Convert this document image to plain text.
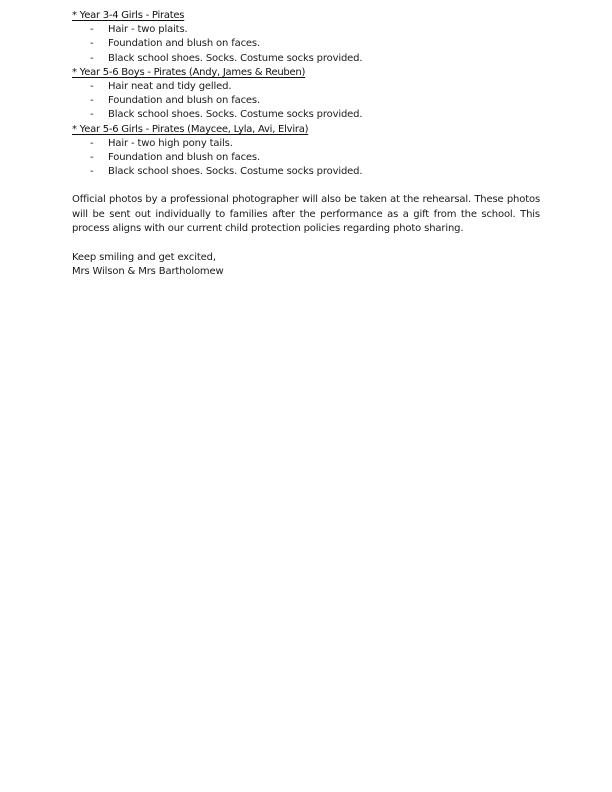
* Year 3-4 Girls - Pirates
- Hair - two plaits.
- Foundation and blush on faces.
- Black school shoes. Socks. Costume socks provided.
* Year 5-6 Boys - Pirates (Andy, James & Reuben)
- Hair neat and tidy gelled.
- Foundation and blush on faces.
- Black school shoes. Socks. Costume socks provided.
* Year 5-6 Girls - Pirates (Maycee, Lyla, Avi, Elvira)
- Hair - two high pony tails.
- Foundation and blush on faces.
- Black school shoes. Socks. Costume socks provided.

Official photos by a professional photographer will also be taken at the rehearsal. These photos will be sent out individually to families after the performance as a gift from the school. This process aligns with our current child protection policies regarding photo sharing.

Keep smiling and get excited,
Mrs Wilson & Mrs Bartholomew
